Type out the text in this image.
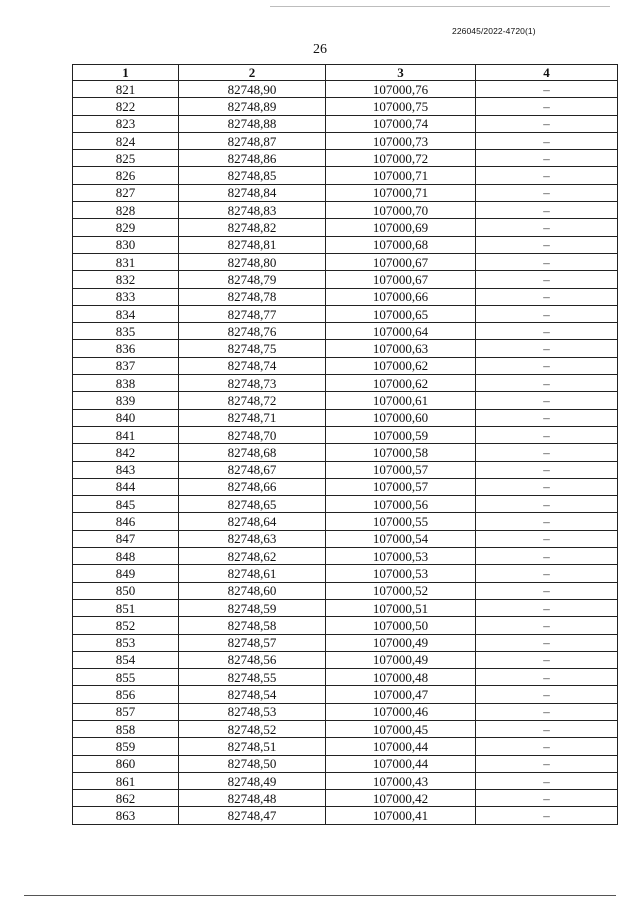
226045/2022-4720(1)
26
1	2	3	4
821	82748,90	107000,76	–
822	82748,89	107000,75	–
823	82748,88	107000,74	–
824	82748,87	107000,73	–
825	82748,86	107000,72	–
826	82748,85	107000,71	–
827	82748,84	107000,71	–
828	82748,83	107000,70	–
829	82748,82	107000,69	–
830	82748,81	107000,68	–
831	82748,80	107000,67	–
832	82748,79	107000,67	–
833	82748,78	107000,66	–
834	82748,77	107000,65	–
835	82748,76	107000,64	–
836	82748,75	107000,63	–
837	82748,74	107000,62	–
838	82748,73	107000,62	–
839	82748,72	107000,61	–
840	82748,71	107000,60	–
841	82748,70	107000,59	–
842	82748,68	107000,58	–
843	82748,67	107000,57	–
844	82748,66	107000,57	–
845	82748,65	107000,56	–
846	82748,64	107000,55	–
847	82748,63	107000,54	–
848	82748,62	107000,53	–
849	82748,61	107000,53	–
850	82748,60	107000,52	–
851	82748,59	107000,51	–
852	82748,58	107000,50	–
853	82748,57	107000,49	–
854	82748,56	107000,49	–
855	82748,55	107000,48	–
856	82748,54	107000,47	–
857	82748,53	107000,46	–
858	82748,52	107000,45	–
859	82748,51	107000,44	–
860	82748,50	107000,44	–
861	82748,49	107000,43	–
862	82748,48	107000,42	–
863	82748,47	107000,41	–
